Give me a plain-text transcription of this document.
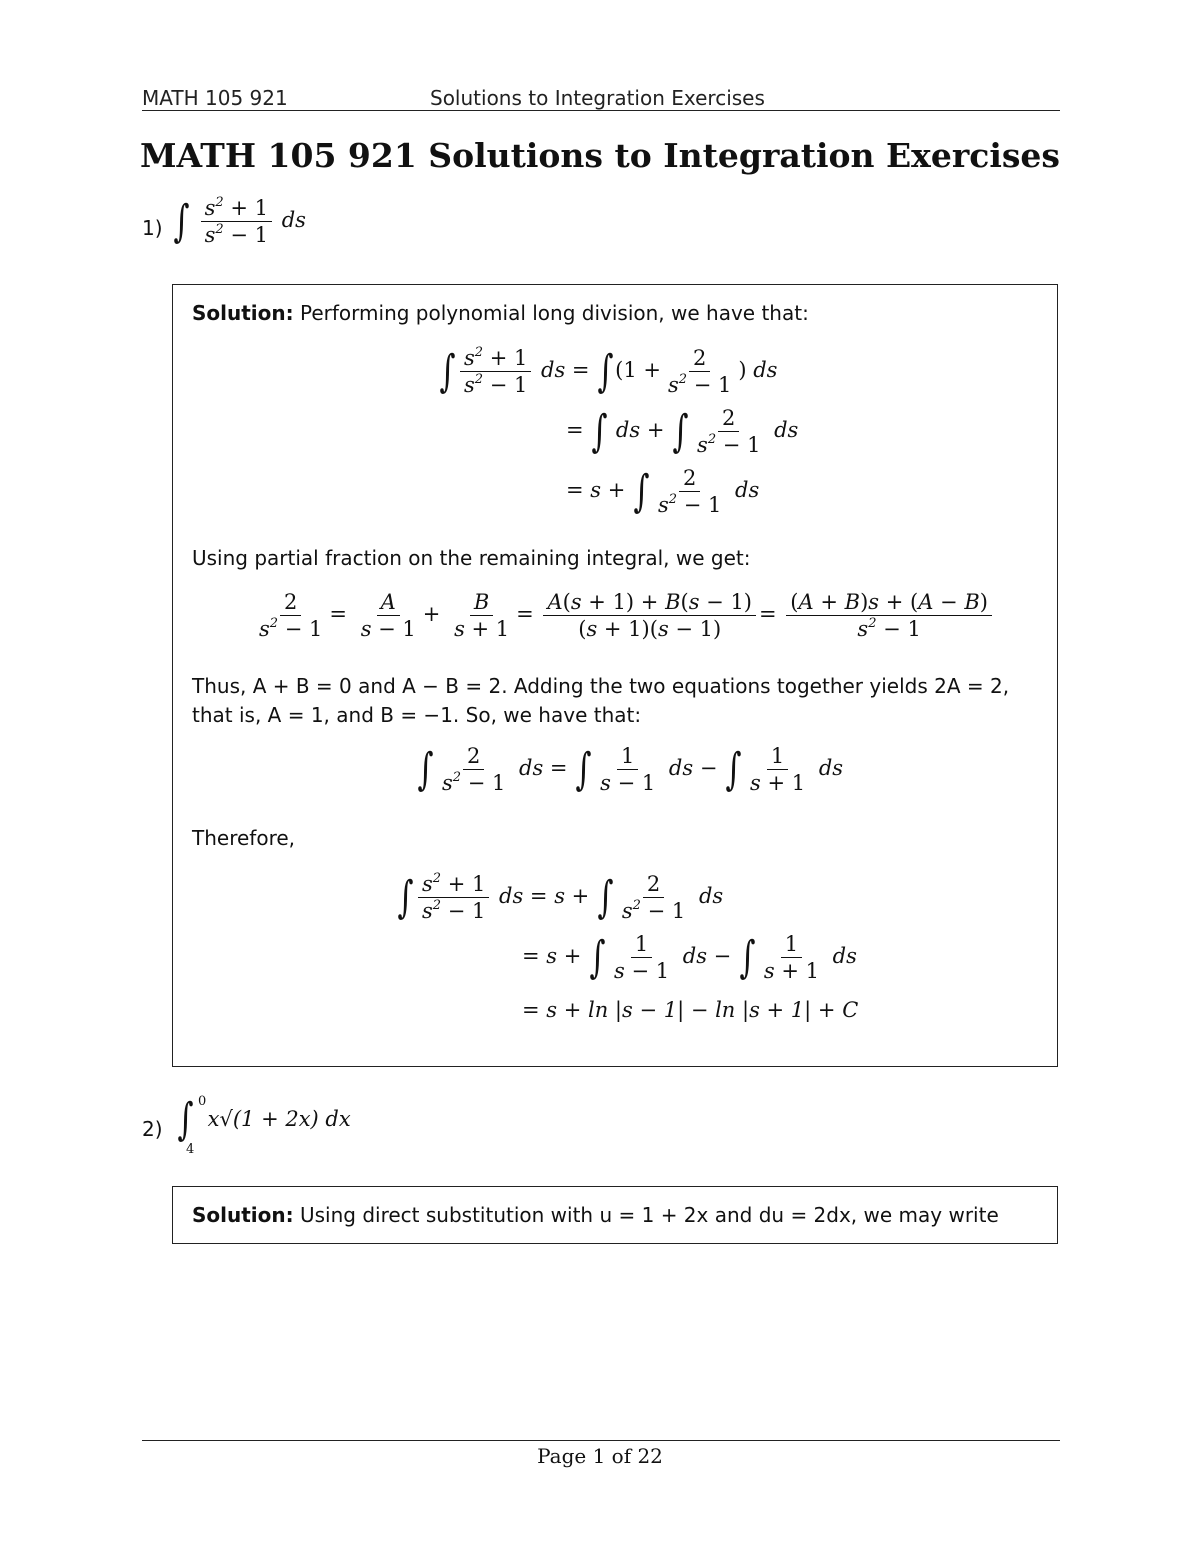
MATH 105 921	Solutions to Integration Exercises
MATH 105 921 Solutions to Integration Exercises
1) ∫ $\frac{s^2 + 1}{s^2 - 1}$ ds
Solution: Performing polynomial long division, we have that:
∫ $\frac{s^2 + 1}{s^2 - 1}$ ds = $\int(1 + \frac{2}{s^2 - 1}$ ) ds
= ∫ ds + ∫ $\frac{2}{s^2 - 1}$ ds
= s + ∫ $\frac{2}{s^2 - 1}$ ds
Using partial fraction on the remaining integral, we get:
$\frac{2}{s^2 - 1} = \frac{A}{s - 1} + \frac{B}{s + 1} = \frac{A(s + 1) + B(s - 1)}{(s + 1)(s - 1)} = \frac{(A + B)s + (A - B)}{s^2 - 1}$
Thus, A + B = 0 and A − B = 2. Adding the two equations together yields 2A = 2,
that is, A = 1, and B = −1. So, we have that:
∫ $\frac{2}{s^2 - 1}$ ds = ∫ $\frac{1}{s - 1}$ ds − ∫ $\frac{1}{s + 1}$ ds
Therefore,
∫ $\frac{s^2 + 1}{s^2 - 1}$ ds = s + ∫ $\frac{2}{s^2 - 1}$ ds
= s + ∫ $\frac{1}{s - 1}$ ds − ∫ $\frac{1}{s + 1}$ ds
= s + ln |s − 1| − ln |s + 1| + C
2) ∫ 0
4
x√(1 + 2x) dx
Solution: Using direct substitution with u = 1 + 2x and du = 2dx, we may write
Page 1 of 22
